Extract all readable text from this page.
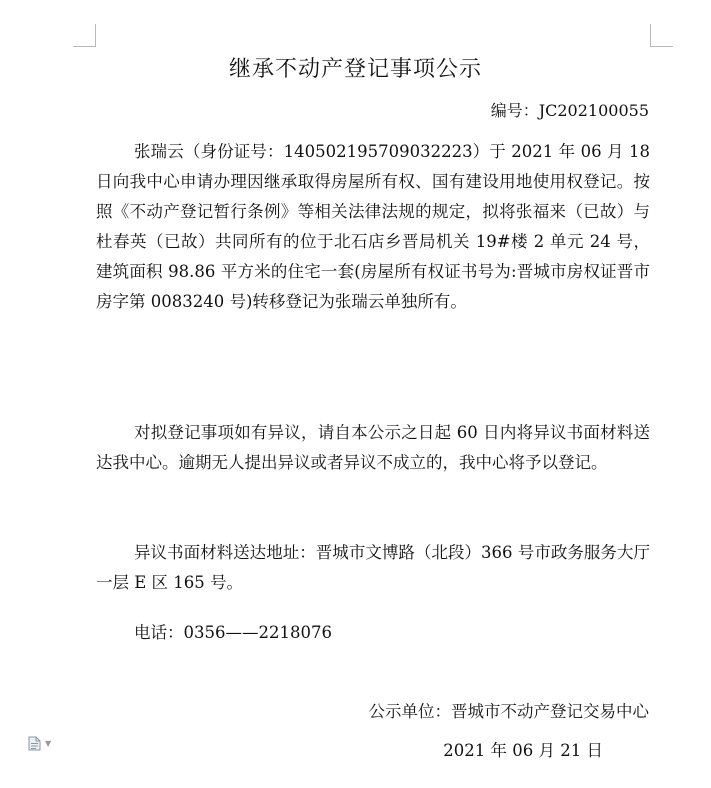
继承不动产登记事项公示
编号：JC202100055

张瑞云（身份证号：140502195709032223）于 2021 年 06 月 18 日向我中心申请办理因继承取得房屋所有权、国有建设用地使用权登记。按照《不动产登记暂行条例》等相关法律法规的规定，拟将张福来（已故）与杜春英（已故）共同所有的位于北石店乡晋局机关 19#楼 2 单元 24 号，建筑面积 98.86 平方米的住宅一套(房屋所有权证书号为:晋城市房权证晋市房字第 0083240 号)转移登记为张瑞云单独所有。

对拟登记事项如有异议，请自本公示之日起 60 日内将异议书面材料送达我中心。逾期无人提出异议或者异议不成立的，我中心将予以登记。

异议书面材料送达地址：晋城市文博路（北段）366 号市政务服务大厅一层 E 区 165 号。

电话：0356——2218076

公示单位：晋城市不动产登记交易中心
2021 年 06 月 21 日
▼
